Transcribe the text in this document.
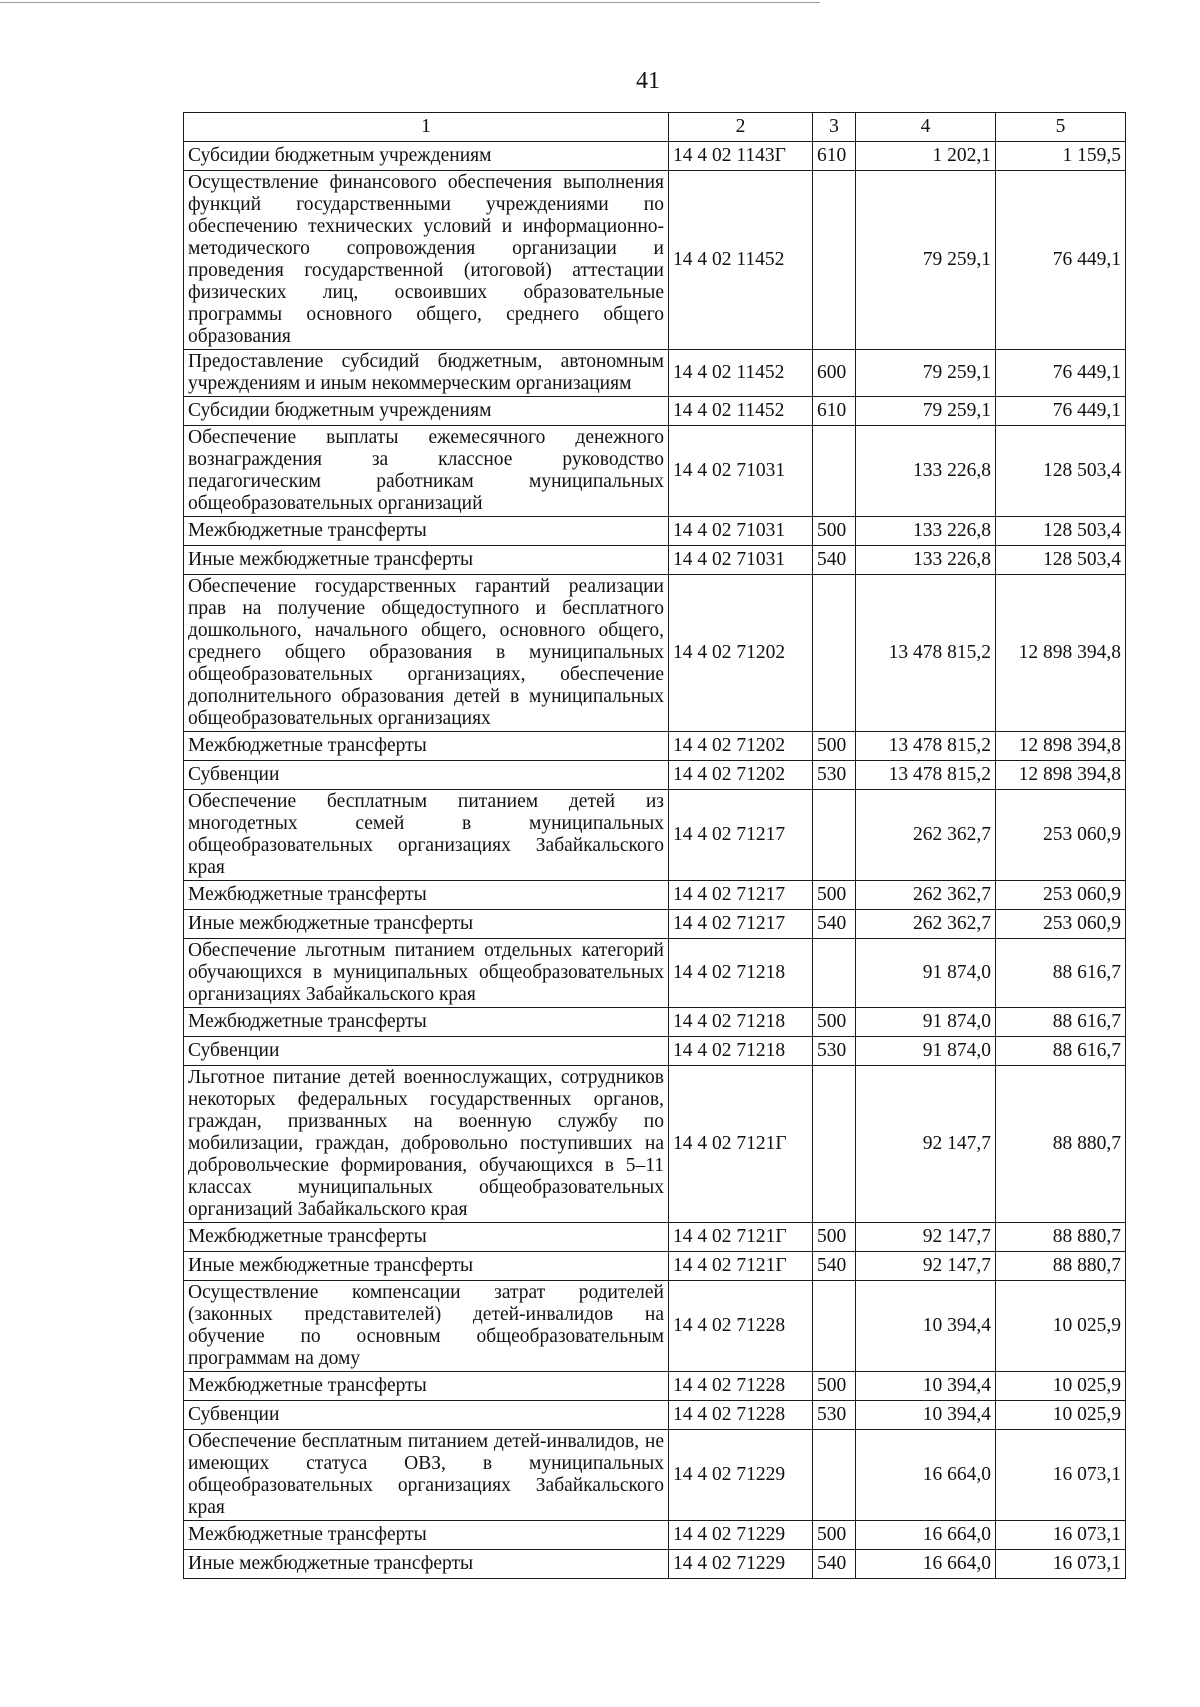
41
1	2	3	4	5
Субсидии бюджетным учреждениям	14 4 02 1143Г	610	1 202,1	1 159,5
Осуществление финансового обеспечения выполнения функций государственными учреждениями по обеспечению технических условий и информационно-методического сопровождения организации и проведения государственной (итоговой) аттестации физических лиц, освоивших образовательные программы основного общего, среднего общего образования	14 4 02 11452		79 259,1	76 449,1
Предоставление субсидий бюджетным, автономным учреждениям и иным некоммерческим организациям	14 4 02 11452	600	79 259,1	76 449,1
Субсидии бюджетным учреждениям	14 4 02 11452	610	79 259,1	76 449,1
Обеспечение выплаты ежемесячного денежного вознаграждения за классное руководство педагогическим работникам муниципальных общеобразовательных организаций	14 4 02 71031		133 226,8	128 503,4
Межбюджетные трансферты	14 4 02 71031	500	133 226,8	128 503,4
Иные межбюджетные трансферты	14 4 02 71031	540	133 226,8	128 503,4
Обеспечение государственных гарантий реализации прав на получение общедоступного и бесплатного дошкольного, начального общего, основного общего, среднего общего образования в муниципальных общеобразовательных организациях, обеспечение дополнительного образования детей в муниципальных общеобразовательных организациях	14 4 02 71202		13 478 815,2	12 898 394,8
Межбюджетные трансферты	14 4 02 71202	500	13 478 815,2	12 898 394,8
Субвенции	14 4 02 71202	530	13 478 815,2	12 898 394,8
Обеспечение бесплатным питанием детей из многодетных семей в муниципальных общеобразовательных организациях Забайкальского края	14 4 02 71217		262 362,7	253 060,9
Межбюджетные трансферты	14 4 02 71217	500	262 362,7	253 060,9
Иные межбюджетные трансферты	14 4 02 71217	540	262 362,7	253 060,9
Обеспечение льготным питанием отдельных категорий обучающихся в муниципальных общеобразовательных организациях Забайкальского края	14 4 02 71218		91 874,0	88 616,7
Межбюджетные трансферты	14 4 02 71218	500	91 874,0	88 616,7
Субвенции	14 4 02 71218	530	91 874,0	88 616,7
Льготное питание детей военнослужащих, сотрудников некоторых федеральных государственных органов, граждан, призванных на военную службу по мобилизации, граждан, добровольно поступивших на добровольческие формирования, обучающихся в 5–11 классах муниципальных общеобразовательных организаций Забайкальского края	14 4 02 7121Г		92 147,7	88 880,7
Межбюджетные трансферты	14 4 02 7121Г	500	92 147,7	88 880,7
Иные межбюджетные трансферты	14 4 02 7121Г	540	92 147,7	88 880,7
Осуществление компенсации затрат родителей (законных представителей) детей-инвалидов на обучение по основным общеобразовательным программам на дому	14 4 02 71228		10 394,4	10 025,9
Межбюджетные трансферты	14 4 02 71228	500	10 394,4	10 025,9
Субвенции	14 4 02 71228	530	10 394,4	10 025,9
Обеспечение бесплатным питанием детей-инвалидов, не имеющих статуса ОВЗ, в муниципальных общеобразовательных организациях Забайкальского края	14 4 02 71229		16 664,0	16 073,1
Межбюджетные трансферты	14 4 02 71229	500	16 664,0	16 073,1
Иные межбюджетные трансферты	14 4 02 71229	540	16 664,0	16 073,1
